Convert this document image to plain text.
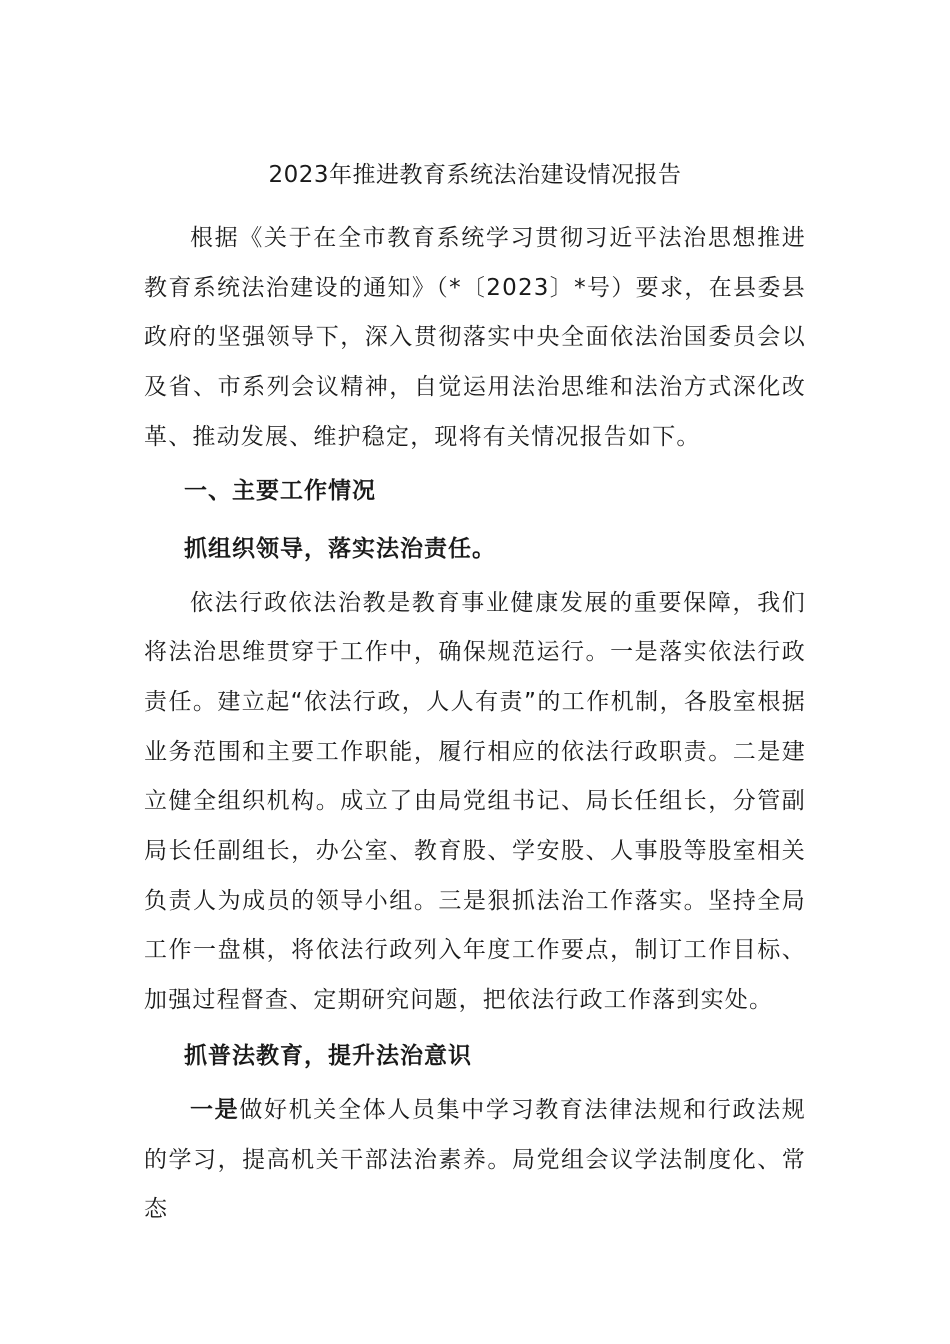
2023年推进教育系统法治建设情况报告

根据《关于在全市教育系统学习贯彻习近平法治思想推进教育系统法治建设的通知》（*〔2023〕*号）要求，在县委县政府的坚强领导下，深入贯彻落实中央全面依法治国委员会以及省、市系列会议精神，自觉运用法治思维和法治方式深化改革、推动发展、维护稳定，现将有关情况报告如下。

一、主要工作情况
抓组织领导，落实法治责任。

依法行政依法治教是教育事业健康发展的重要保障，我们将法治思维贯穿于工作中，确保规范运行。一是落实依法行政责任。建立起“依法行政，人人有责”的工作机制，各股室根据业务范围和主要工作职能，履行相应的依法行政职责。二是建立健全组织机构。成立了由局党组书记、局长任组长，分管副局长任副组长，办公室、教育股、学安股、人事股等股室相关负责人为成员的领导小组。三是狠抓法治工作落实。坚持全局工作一盘棋，将依法行政列入年度工作要点，制订工作目标、加强过程督查、定期研究问题，把依法行政工作落到实处。

抓普法教育，提升法治意识

一是做好机关全体人员集中学习教育法律法规和行政法规的学习，提高机关干部法治素养。局党组会议学法制度化、常态
